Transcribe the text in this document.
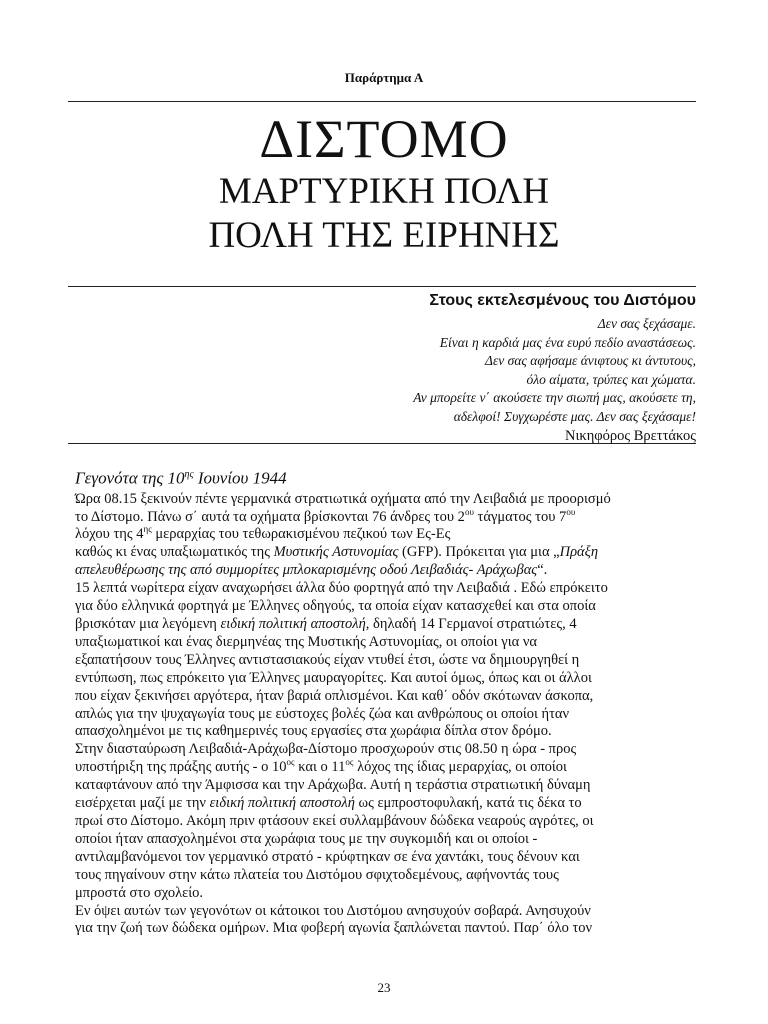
Παράρτημα Α
ΔΙΣΤΟΜΟ
ΜΑΡΤΥΡΙΚΗ ΠΟΛΗ
ΠΟΛΗ ΤΗΣ ΕΙΡΗΝΗΣ
Στους εκτελεσμένους του Διστόμου
Δεν σας ξεχάσαμε.
Είναι η καρδιά μας ένα ευρύ πεδίο αναστάσεως.
Δεν σας αφήσαμε άνιφτους κι άντυτους,
όλο αίματα, τρύπες και χώματα.
Αν μπορείτε ν΄ ακούσετε την σιωπή μας, ακούσετε τη,
αδελφοί! Συγχωρέστε μας. Δεν σας ξεχάσαμε!
Νικηφόρος Βρεττάκος
Γεγονότα της $10^{\eta\varsigma}$ Ιουνίου 1944
Ώρα 08.15 ξεκινούν πέντε γερμανικά στρατιωτικά οχήματα από την Λειβαδιά με προορισμό
το Δίστομο. Πάνω σ΄ αυτά τα οχήματα βρίσκονται 76 άνδρες του $2^{o\upsilon}$ τάγματος του $7^{o\upsilon}$
λόχου της $4^{\eta\varsigma}$ μεραρχίας του τεθωρακισμένου πεζικού των Ες-Ες
καθώς κι ένας υπαξιωματικός της Μυστικής Αστυνομίας (GFP). Πρόκειται για μια „Πράξη
απελευθέρωσης της από συμμορίτες μπλοκαρισμένης οδού Λειβαδιάς- Αράχωβας“.
15 λεπτά νωρίτερα είχαν αναχωρήσει άλλα δύο φορτηγά από την Λειβαδιά . Εδώ επρόκειτο
για δύο ελληνικά φορτηγά με Έλληνες οδηγούς, τα οποία είχαν κατασχεθεί και στα οποία
βρισκόταν μια λεγόμενη ειδική πολιτική αποστολή, δηλαδή 14 Γερμανοί στρατιώτες, 4
υπαξιωματικοί και ένας διερμηνέας της Μυστικής Αστυνομίας, οι οποίοι για να
εξαπατήσουν τους Έλληνες αντιστασιακούς είχαν ντυθεί έτσι, ώστε να δημιουργηθεί η
εντύπωση, πως επρόκειτο για Έλληνες μαυραγορίτες. Και αυτοί όμως, όπως και οι άλλοι
που είχαν ξεκινήσει αργότερα, ήταν βαριά οπλισμένοι. Και καθ΄ οδόν σκότωναν άσκοπα,
απλώς για την ψυχαγωγία τους με εύστοχες βολές ζώα και ανθρώπους οι οποίοι ήταν
απασχολημένοι με τις καθημερινές τους εργασίες στα χωράφια δίπλα στον δρόμο.
Στην διασταύρωση Λειβαδιά-Αράχωβα-Δίστομο προσχωρούν στις 08.50 η ώρα - προς
υποστήριξη της πράξης αυτής - ο $10^{o\varsigma}$ και ο $11^{o\varsigma}$ λόχος της ίδιας μεραρχίας, οι οποίοι
καταφτάνουν από την Άμφισσα και την Αράχωβα. Αυτή η τεράστια στρατιωτική δύναμη
εισέρχεται μαζί με την ειδική πολιτική αποστολή ως εμπροστοφυλακή, κατά τις δέκα το
πρωί στο Δίστομο. Ακόμη πριν φτάσουν εκεί συλλαμβάνουν δώδεκα νεαρούς αγρότες, οι
οποίοι ήταν απασχολημένοι στα χωράφια τους με την συγκομιδή και οι οποίοι -
αντιλαμβανόμενοι τον γερμανικό στρατό - κρύφτηκαν σε ένα χαντάκι, τους δένουν και
τους πηγαίνουν στην κάτω πλατεία του Διστόμου σφιχτοδεμένους, αφήνοντάς τους
μπροστά στο σχολείο.
Εν όψει αυτών των γεγονότων οι κάτοικοι του Διστόμου ανησυχούν σοβαρά. Ανησυχούν
για την ζωή των δώδεκα ομήρων. Μια φοβερή αγωνία ξαπλώνεται παντού. Παρ΄ όλο τον
23
